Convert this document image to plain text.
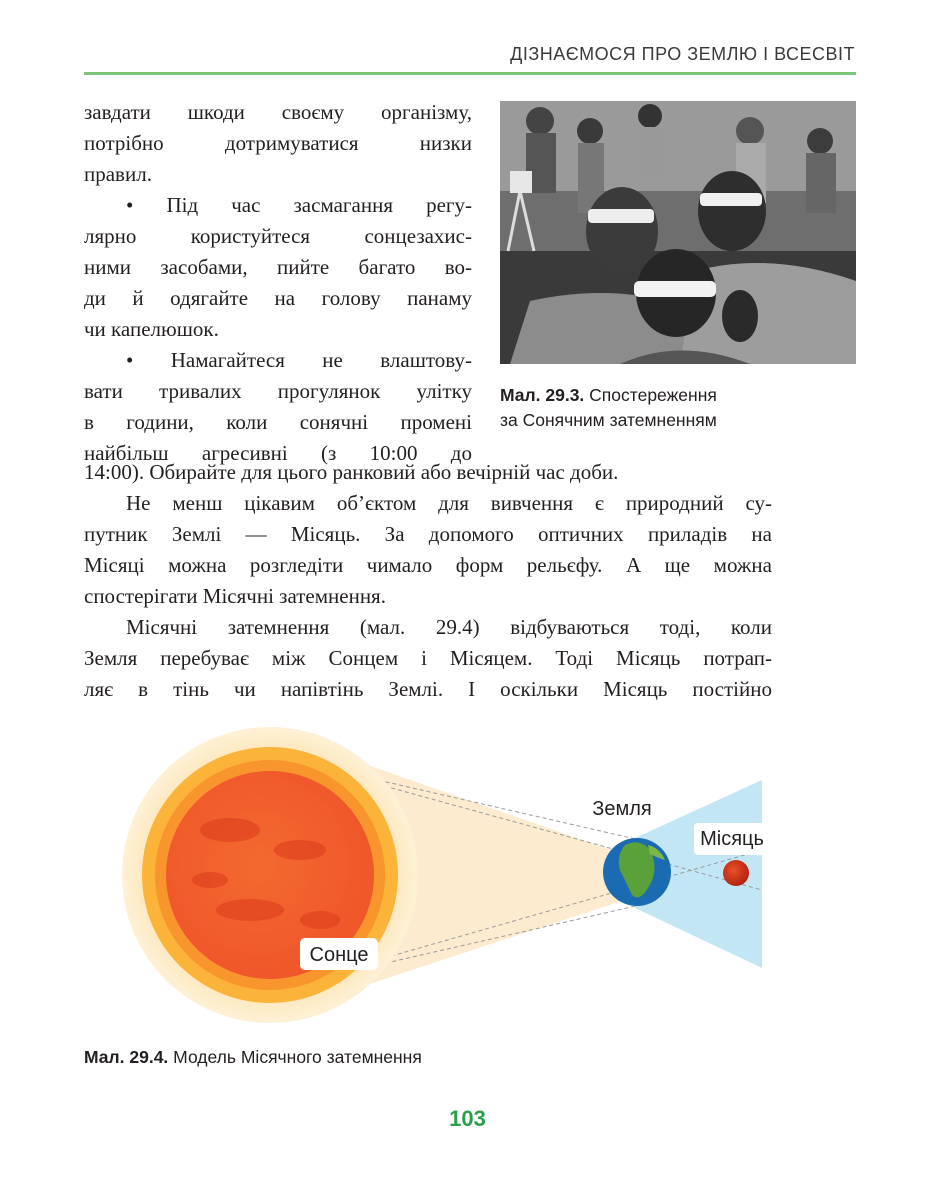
ДІЗНАЄМОСЯ ПРО ЗЕМЛЮ І ВСЕСВІТ
завдати шкоди своєму організму,
потрібно дотримуватися низки
правил.
• Під час засмагання регу-
лярно користуйтеся сонцезахис-
ними засобами, пийте багато во-
ди й одягайте на голову панаму
чи капелюшок.
• Намагайтеся не влаштову-
вати тривалих прогулянок улітку
в години, коли сонячні промені
найбільш агресивні (з 10:00 до
Мал. 29.3. Спостереження
за Сонячним затемненням
14:00). Обирайте для цього ранковий або вечірній час доби.
Не менш цікавим об’єктом для вивчення є природний су-
путник Землі — Місяць. За допомого оптичних приладів на
Місяці можна розгледіти чимало форм рельєфу. А ще можна
спостерігати Місячні затемнення.
Місячні затемнення (мал. 29.4) відбуваються тоді, коли
Земля перебуває між Сонцем і Місяцем. Тоді Місяць потрап-
ляє в тінь чи напівтінь Землі. І оскільки Місяць постійно
Сонце
Земля
Місяць
Мал. 29.4. Модель Місячного затемнення
103
